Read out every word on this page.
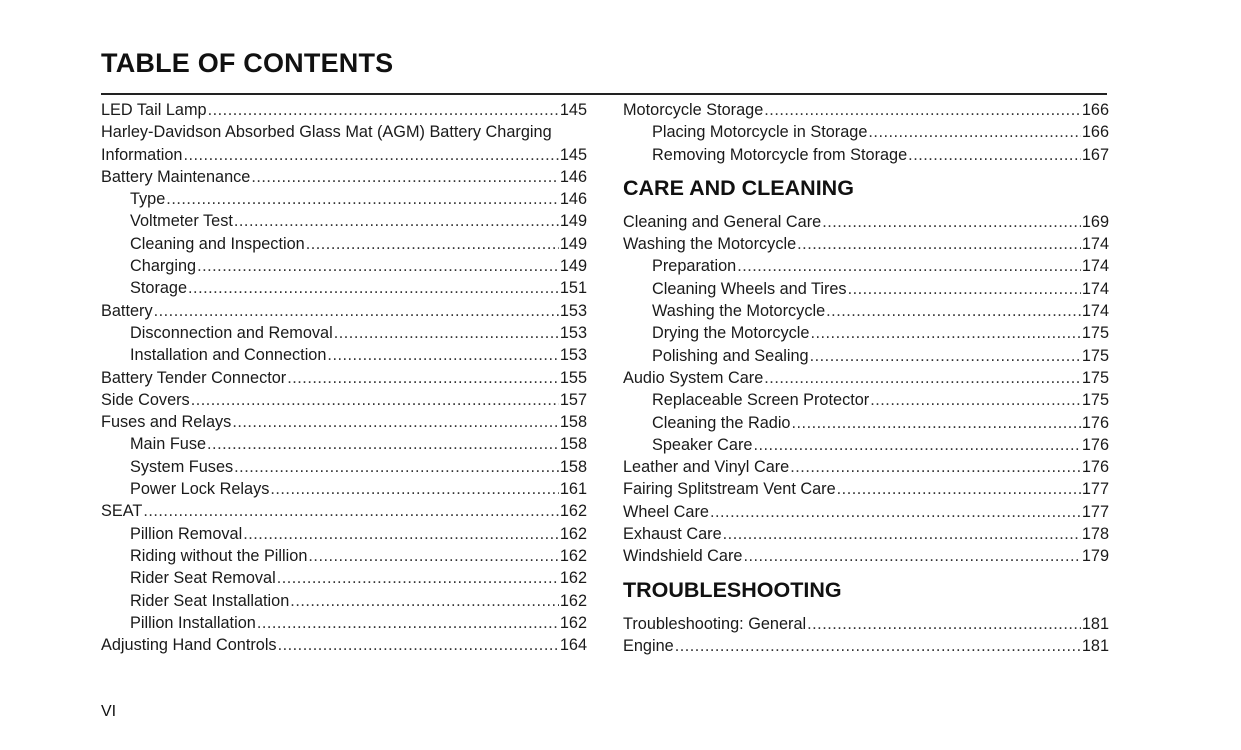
TABLE OF CONTENTS
LED Tail Lamp .....	145
Harley-Davidson Absorbed Glass Mat (AGM) Battery Charging
Information .....	145
Battery Maintenance .....	146
Type .....	146
Voltmeter Test .....	149
Cleaning and Inspection .....	149
Charging .....	149
Storage .....	151
Battery .....	153
Disconnection and Removal .....	153
Installation and Connection .....	153
Battery Tender Connector .....	155
Side Covers .....	157
Fuses and Relays .....	158
Main Fuse .....	158
System Fuses .....	158
Power Lock Relays .....	161
SEAT .....	162
Pillion Removal .....	162
Riding without the Pillion .....	162
Rider Seat Removal .....	162
Rider Seat Installation .....	162
Pillion Installation .....	162
Adjusting Hand Controls .....	164
Motorcycle Storage .....	166
Placing Motorcycle in Storage .....	166
Removing Motorcycle from Storage .....	167
CARE AND CLEANING
Cleaning and General Care .....	169
Washing the Motorcycle .....	174
Preparation .....	174
Cleaning Wheels and Tires .....	174
Washing the Motorcycle .....	174
Drying the Motorcycle .....	175
Polishing and Sealing .....	175
Audio System Care .....	175
Replaceable Screen Protector .....	175
Cleaning the Radio .....	176
Speaker Care .....	176
Leather and Vinyl Care .....	176
Fairing Splitstream Vent Care .....	177
Wheel Care .....	177
Exhaust Care .....	178
Windshield Care .....	179
TROUBLESHOOTING
Troubleshooting: General .....	181
Engine .....	181
VI
